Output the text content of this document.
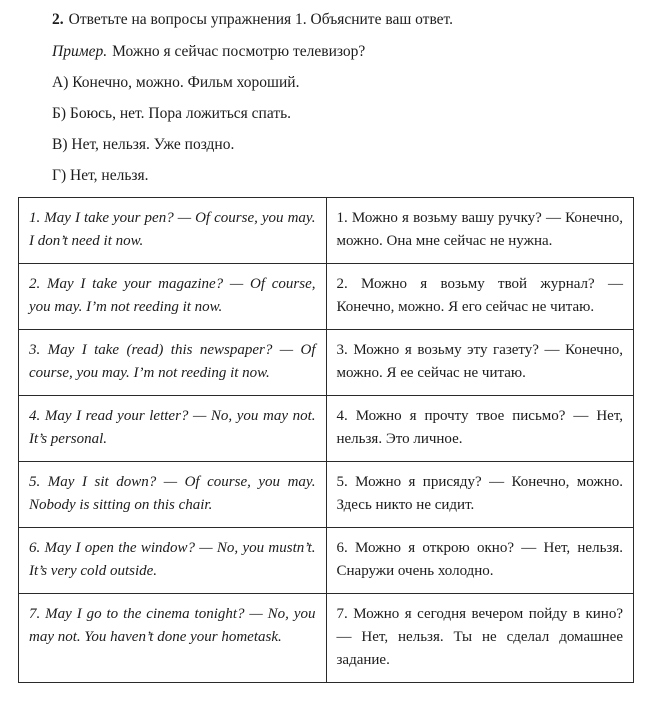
2. Ответьте на вопросы упражнения 1. Объясните ваш ответ.
Пример. Можно я сейчас посмотрю телевизор?
А) Конечно, можно. Фильм хороший.
Б) Боюсь, нет. Пора ложиться спать.
В) Нет, нельзя. Уже поздно.
Г) Нет, нельзя.
1. May I take your pen? — Of course, you may. I don’t need it now.	1. Можно я возьму вашу ручку? — Конечно, можно. Она мне сейчас не нужна.
2. May I take your magazine? — Of course, you may. I’m not reeding it now.	2. Можно я возьму твой журнал? — Конечно, можно. Я его сейчас не читаю.
3. May I take (read) this newspaper? — Of course, you may. I’m not reeding it now.	3. Можно я возьму эту газету? — Конечно, можно. Я ее сейчас не читаю.
4. May I read your letter? — No, you may not. It’s personal.	4. Можно я прочту твое письмо? — Нет, нельзя. Это личное.
5. May I sit down? — Of course, you may. Nobody is sitting on this chair.	5. Можно я присяду? — Конечно, можно. Здесь никто не сидит.
6. May I open the window? — No, you mustn’t. It’s very cold outside.	6. Можно я открою окно? — Нет, нельзя. Снаружи очень холодно.
7. May I go to the cinema tonight? — No, you may not. You haven’t done your hometask.	7. Можно я сегодня вечером пойду в кино? — Нет, нельзя. Ты не сделал домашнее задание.
